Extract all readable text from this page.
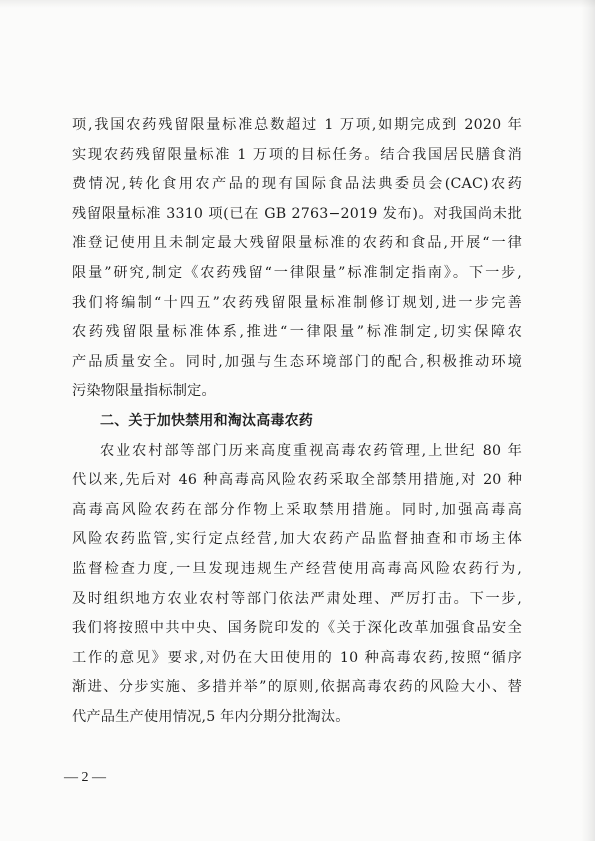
项,我国农药残留限量标准总数超过 1 万项,如期完成到 2020 年
实现农药残留限量标准 1 万项的目标任务。结合我国居民膳食消
费情况,转化食用农产品的现有国际食品法典委员会(CAC)农药
残留限量标准 3310 项(已在 GB 2763−2019 发布)。对我国尚未批
准登记使用且未制定最大残留限量标准的农药和食品,开展“一律
限量”研究,制定《农药残留“一律限量”标准制定指南》。下一步,
我们将编制“十四五”农药残留限量标准制修订规划,进一步完善
农药残留限量标准体系,推进“一律限量”标准制定,切实保障农
产品质量安全。同时,加强与生态环境部门的配合,积极推动环境
污染物限量指标制定。
二、关于加快禁用和淘汰高毒农药
农业农村部等部门历来高度重视高毒农药管理,上世纪 80 年
代以来,先后对 46 种高毒高风险农药采取全部禁用措施,对 20 种
高毒高风险农药在部分作物上采取禁用措施。同时,加强高毒高
风险农药监管,实行定点经营,加大农药产品监督抽查和市场主体
监督检查力度,一旦发现违规生产经营使用高毒高风险农药行为,
及时组织地方农业农村等部门依法严肃处理、严厉打击。下一步,
我们将按照中共中央、国务院印发的《关于深化改革加强食品安全
工作的意见》要求,对仍在大田使用的 10 种高毒农药,按照“循序
渐进、分步实施、多措并举”的原则,依据高毒农药的风险大小、替
代产品生产使用情况,5 年内分期分批淘汰。
— 2 —
